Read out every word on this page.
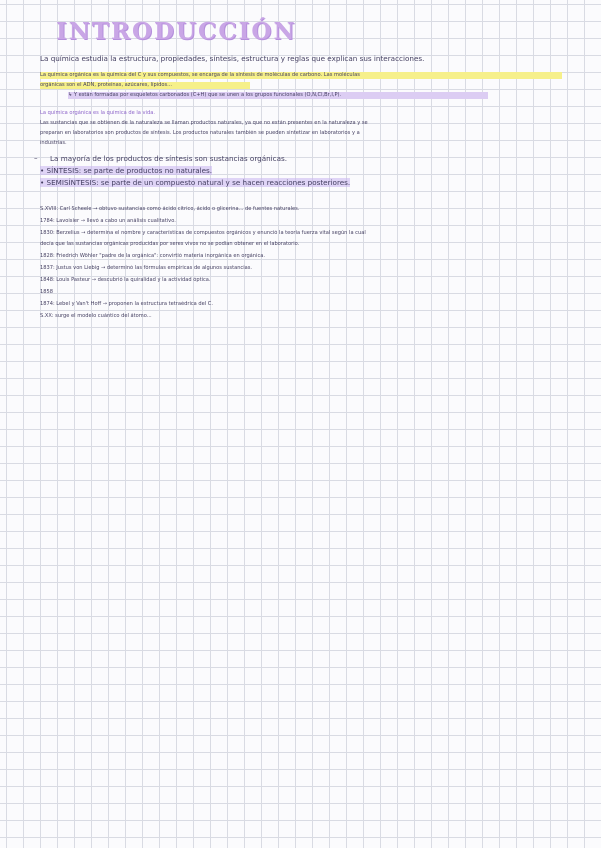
INTRODUCCIÓN
La química estudia la estructura, propiedades, síntesis, estructura y reglas que explican sus interacciones.
La química orgánica es la química del C y sus compuestos, se encarga de la síntesis de moléculas de carbono. Las moléculas
orgánicas son el ADN, proteínas, azúcares, lípidos...
↳ Y están formadas por esqueletos carbonados (C+H) que se unen a los grupos funcionales (O,N,Cl,Br,I,P).
La química orgánica es la química de la vida.
Las sustancias que se obtienen de la naturaleza se llaman productos naturales, ya que no están presentes en la naturaleza y se
preparan en laboratorios son productos de síntesis. Los productos naturales también se pueden sintetizar en laboratorios y a
industrias.
– La mayoría de los productos de síntesis son sustancias orgánicas.
• SÍNTESIS: se parte de productos no naturales.
• SEMISÍNTESIS: se parte de un compuesto natural y se hacen reacciones posteriores.
S.XVIII: Carl Scheele → obtuvo sustancias como ácido cítrico, ácido o glicerina... de fuentes naturales.
1784: Lavoisier → llevó a cabo un análisis cualitativo.
1830: Berzelius → determina el nombre y características de compuestos orgánicos y enunció la teoría fuerza vital según la cual
decía que las sustancias orgánicas producidas por seres vivos no se podían obtener en el laboratorio.
1828: Friedrich Wöhler "padre de la orgánica": convirtió materia inorgánica en orgánica.
1837: Justus von Liebig → determinó las fórmulas empíricas de algunos sustancias.
1848: Louis Pasteur → descubrió la quiralidad y la actividad óptica.
1858
1874: Lebel y Van't Hoff → proponen la estructura tetraédrica del C.
S.XX: surge el modelo cuántico del átomo...
